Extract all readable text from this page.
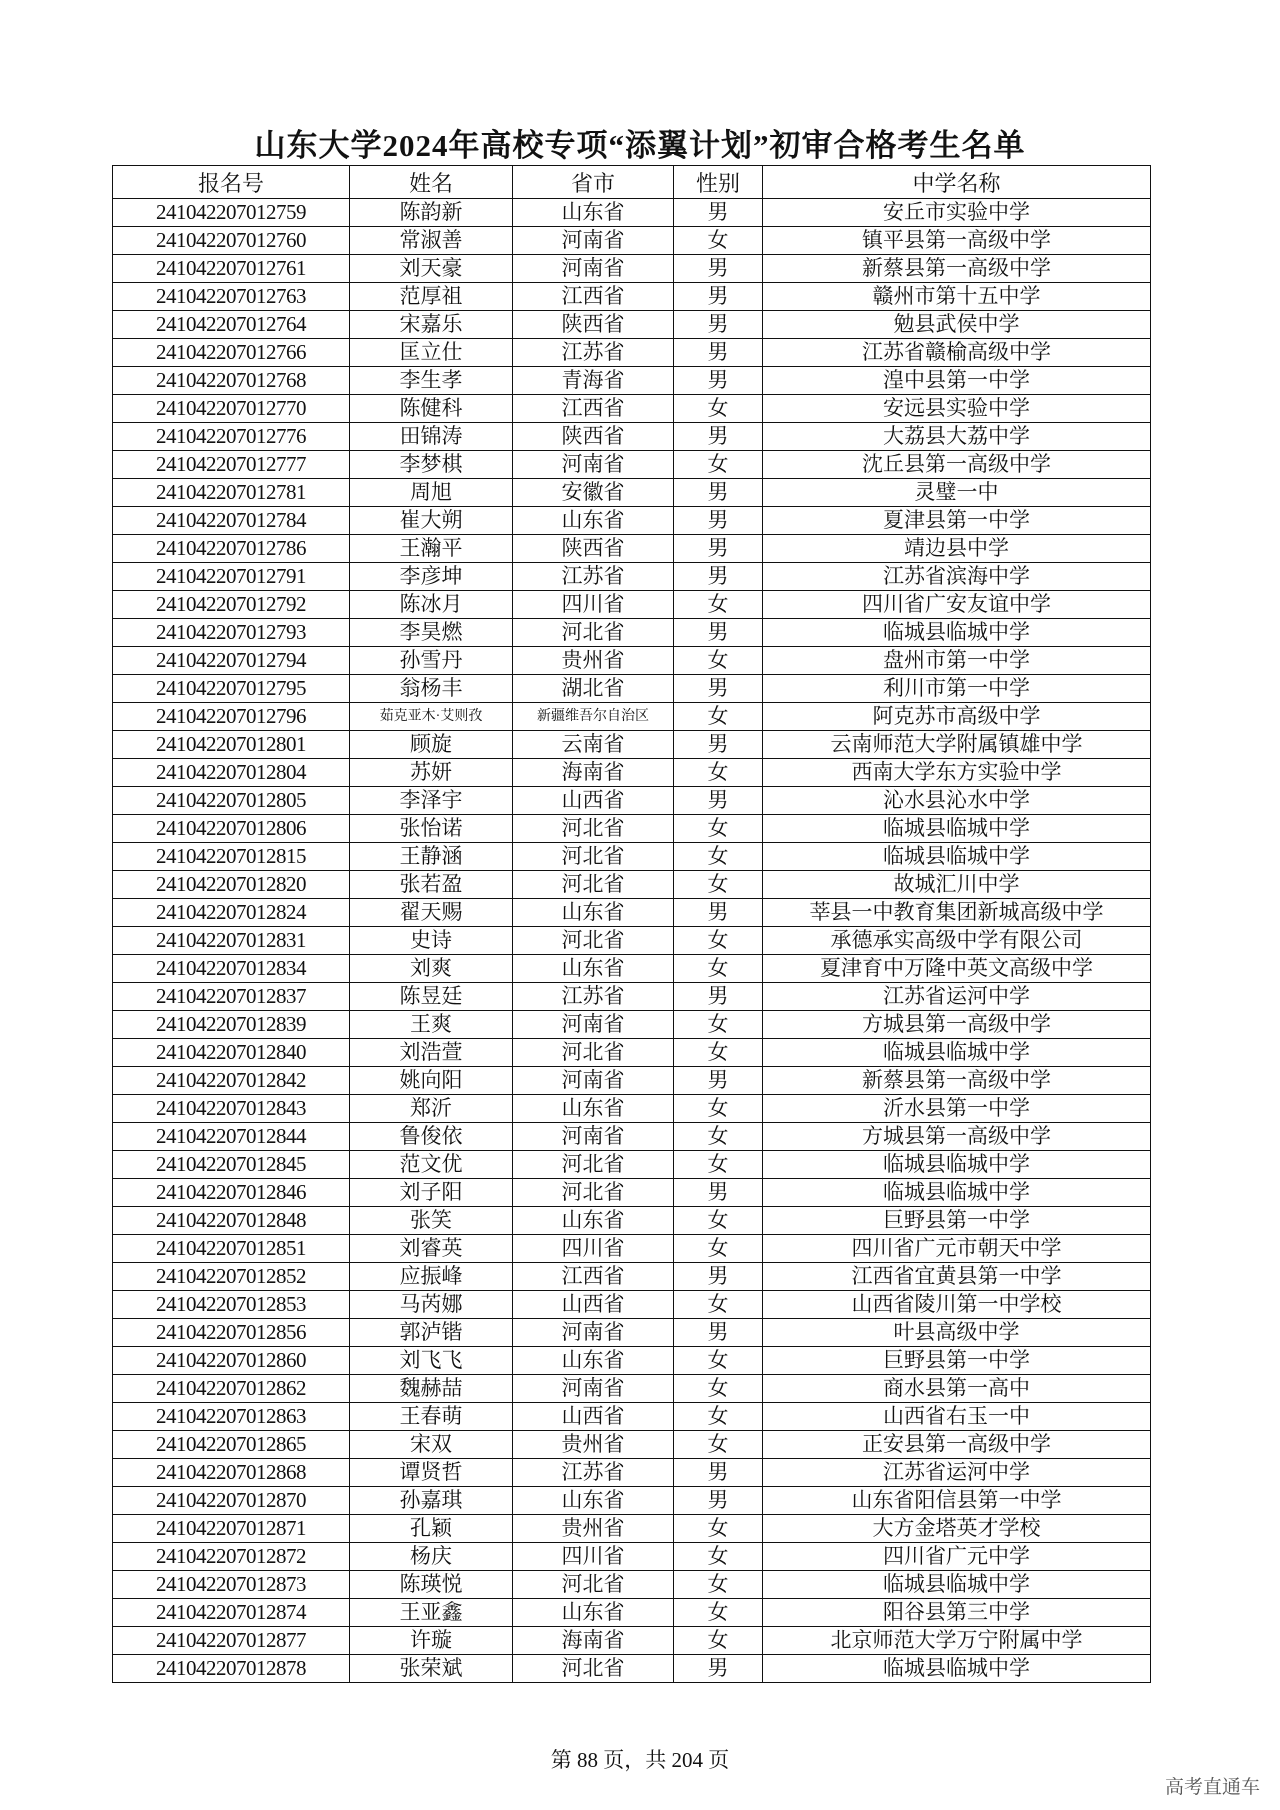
山东大学2024年高校专项“添翼计划”初审合格考生名单
报名号	姓名	省市	性别	中学名称
241042207012759	陈韵新	山东省	男	安丘市实验中学
241042207012760	常淑善	河南省	女	镇平县第一高级中学
241042207012761	刘天豪	河南省	男	新蔡县第一高级中学
241042207012763	范厚祖	江西省	男	赣州市第十五中学
241042207012764	宋嘉乐	陕西省	男	勉县武侯中学
241042207012766	匡立仕	江苏省	男	江苏省赣榆高级中学
241042207012768	李生孝	青海省	男	湟中县第一中学
241042207012770	陈健科	江西省	女	安远县实验中学
241042207012776	田锦涛	陕西省	男	大荔县大荔中学
241042207012777	李梦棋	河南省	女	沈丘县第一高级中学
241042207012781	周旭	安徽省	男	灵璧一中
241042207012784	崔大朔	山东省	男	夏津县第一中学
241042207012786	王瀚平	陕西省	男	靖边县中学
241042207012791	李彦坤	江苏省	男	江苏省滨海中学
241042207012792	陈冰月	四川省	女	四川省广安友谊中学
241042207012793	李昊燃	河北省	男	临城县临城中学
241042207012794	孙雪丹	贵州省	女	盘州市第一中学
241042207012795	翁杨丰	湖北省	男	利川市第一中学
241042207012796	茹克亚木·艾则孜	新疆维吾尔自治区	女	阿克苏市高级中学
241042207012801	顾旋	云南省	男	云南师范大学附属镇雄中学
241042207012804	苏妍	海南省	女	西南大学东方实验中学
241042207012805	李泽宇	山西省	男	沁水县沁水中学
241042207012806	张怡诺	河北省	女	临城县临城中学
241042207012815	王静涵	河北省	女	临城县临城中学
241042207012820	张若盈	河北省	女	故城汇川中学
241042207012824	翟天赐	山东省	男	莘县一中教育集团新城高级中学
241042207012831	史诗	河北省	女	承德承实高级中学有限公司
241042207012834	刘爽	山东省	女	夏津育中万隆中英文高级中学
241042207012837	陈昱廷	江苏省	男	江苏省运河中学
241042207012839	王爽	河南省	女	方城县第一高级中学
241042207012840	刘浩萱	河北省	女	临城县临城中学
241042207012842	姚向阳	河南省	男	新蔡县第一高级中学
241042207012843	郑沂	山东省	女	沂水县第一中学
241042207012844	鲁俊依	河南省	女	方城县第一高级中学
241042207012845	范文优	河北省	女	临城县临城中学
241042207012846	刘子阳	河北省	男	临城县临城中学
241042207012848	张笑	山东省	女	巨野县第一中学
241042207012851	刘睿英	四川省	女	四川省广元市朝天中学
241042207012852	应振峰	江西省	男	江西省宜黄县第一中学
241042207012853	马芮娜	山西省	女	山西省陵川第一中学校
241042207012856	郭泸锴	河南省	男	叶县高级中学
241042207012860	刘飞飞	山东省	女	巨野县第一中学
241042207012862	魏赫喆	河南省	女	商水县第一高中
241042207012863	王春萌	山西省	女	山西省右玉一中
241042207012865	宋双	贵州省	女	正安县第一高级中学
241042207012868	谭贤哲	江苏省	男	江苏省运河中学
241042207012870	孙嘉琪	山东省	男	山东省阳信县第一中学
241042207012871	孔颖	贵州省	女	大方金塔英才学校
241042207012872	杨庆	四川省	女	四川省广元中学
241042207012873	陈瑛悦	河北省	女	临城县临城中学
241042207012874	王亚鑫	山东省	女	阳谷县第三中学
241042207012877	许璇	海南省	女	北京师范大学万宁附属中学
241042207012878	张荣斌	河北省	男	临城县临城中学
第 88 页，共 204 页
高考直通车
